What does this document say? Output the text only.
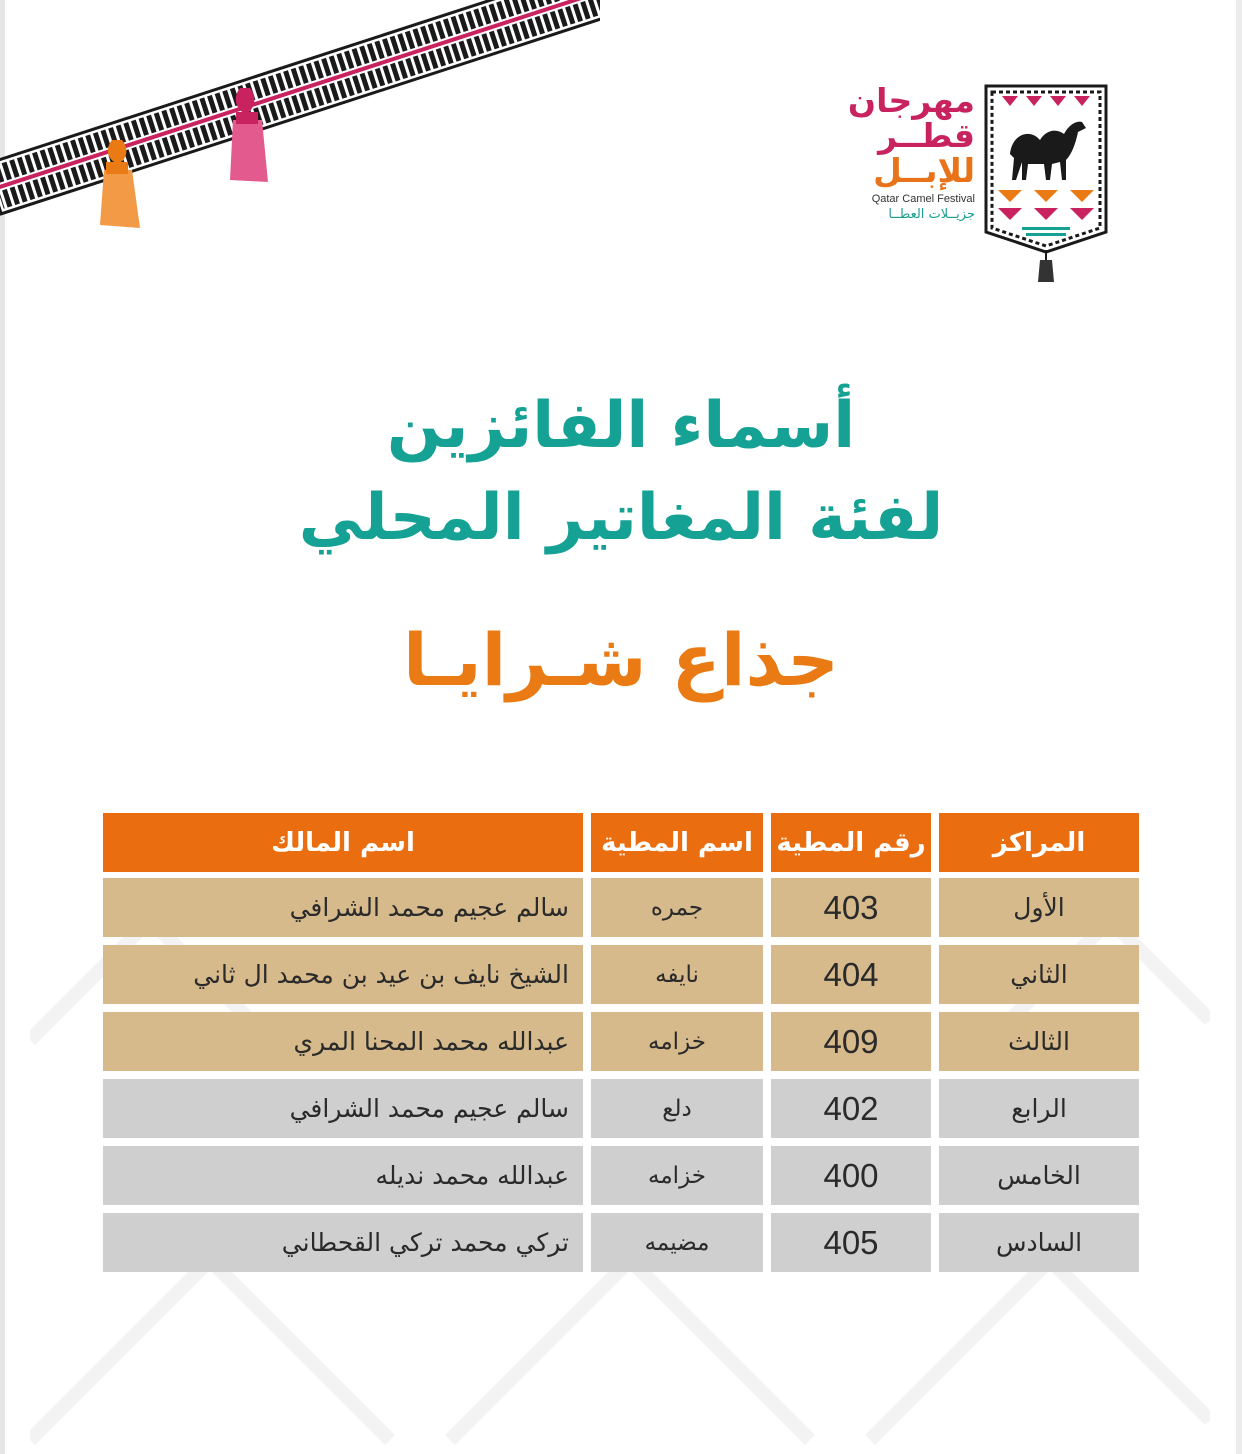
مهرجان
قطــر
للإبــل
Qatar Camel Festival
جزيــلات العطــا
أسماء الفائزين
لفئة المغاتير المحلي
جذاع شـرايـا
المراكز
رقم المطية
اسم المطية
اسم المالك
الأول
403
جمره
سالم عجيم محمد الشرافي
الثاني
404
نايفه
الشيخ نايف بن عيد بن محمد ال ثاني
الثالث
409
خزامه
عبدالله محمد المحنا المري
الرابع
402
دلع
سالم عجيم محمد الشرافي
الخامس
400
خزامه
عبدالله محمد نديله
السادس
405
مضيمه
تركي محمد تركي القحطاني
